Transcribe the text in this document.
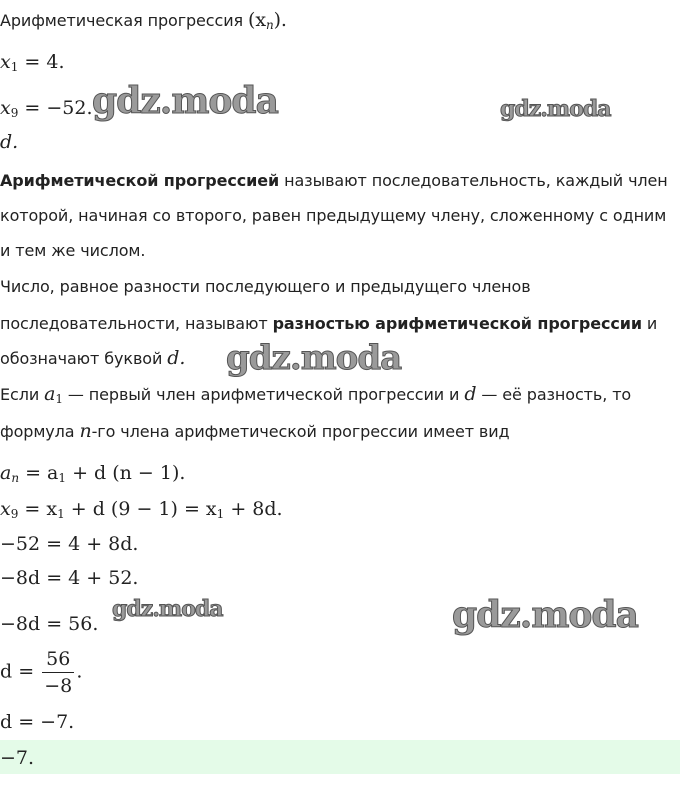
Арифметическая прогрессия $(x_n)$.
$x_1 = 4$.
$x_9 = -52$.
d.
Арифметической прогрессией называют последовательность, каждый член
которой, начиная со второго, равен предыдущему члену, сложенному с одним
и тем же числом.
Число, равное разности последующего и предыдущего членов
последовательности, называют разностью арифметической прогрессии и
обозначают буквой d.
Если $a_1$ — первый член арифметической прогрессии и d — её разность, то
формула n-го члена арифметической прогрессии имеет вид
$a_n = a_1 + d$ (n − 1).
$x_9 = x_1 + d$ $(9 - 1) = x_1 + 8d$.
−52 = 4 + 8d.
−8d = 4 + 52.
−8d = 56.
$d = \frac{56}{-8}$ .
d = −7.
−7.
gdz.moda	gdz.moda
gdz.moda
gdz.moda	gdz.moda
